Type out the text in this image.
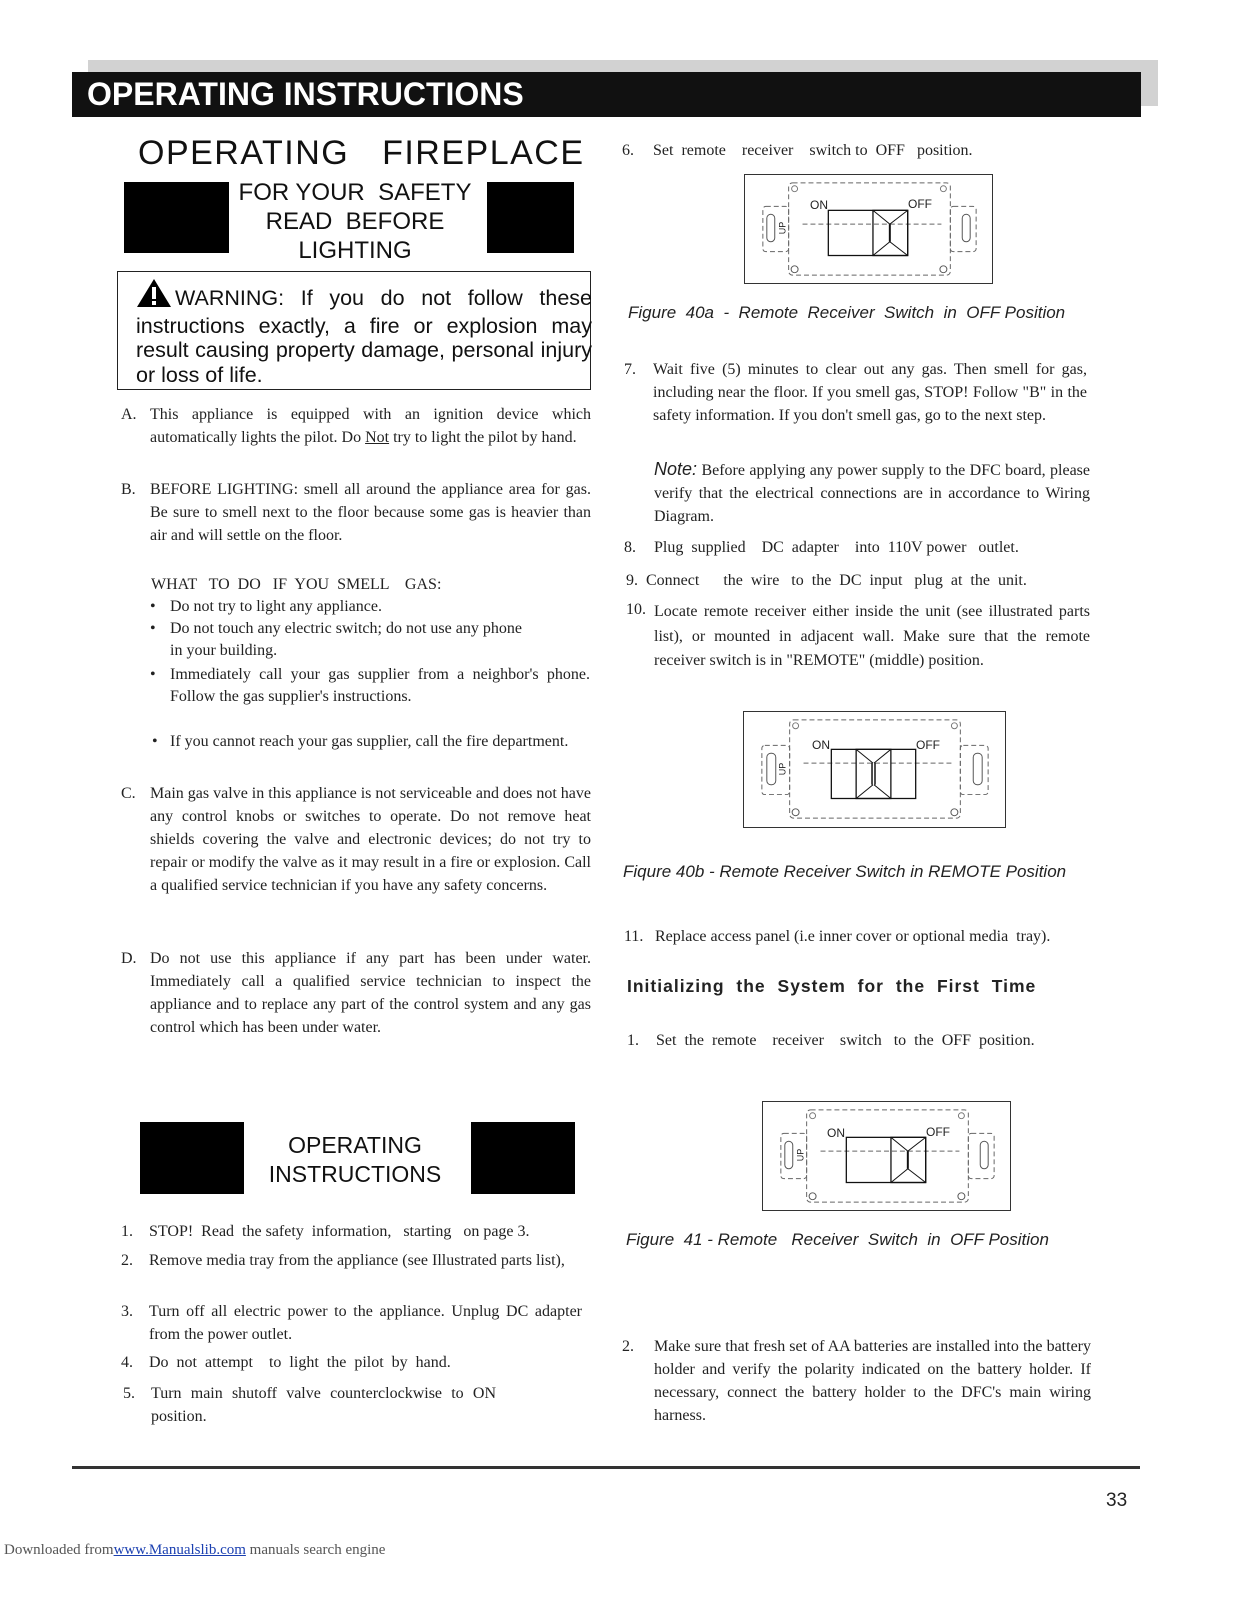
OPERATING INSTRUCTIONS
OPERATING   FIREPLACE
FOR YOUR  SAFETY
READ  BEFORE
LIGHTING
WARNING: If you do not follow these instructions exactly, a fire or explosion may result causing property damage, personal injury or loss of life.
A. This appliance is equipped with an ignition device which automatically lights the pilot. Do Not try to light the pilot by hand.
B. BEFORE LIGHTING: smell all around the appliance area for gas. Be sure to smell next to the floor because some gas is heavier than air and will settle on the floor.
WHAT   TO  DO   IF  YOU  SMELL    GAS:
• Do not try to light any appliance.
• Do not touch any electric switch; do not use any phone in your building.
• Immediately call your gas supplier from a neighbor's phone. Follow the gas supplier's instructions.
• If you cannot reach your gas supplier, call the fire department.
C. Main gas valve in this appliance is not serviceable and does not have any control knobs or switches to operate. Do not remove heat shields covering the valve and electronic devices; do not try to repair or modify the valve as it may result in a fire or explosion. Call a qualified service technician if you have any safety concerns.
D. Do not use this appliance if any part has been under water. Immediately call a qualified service technician to inspect the appliance and to replace any part of the control system and any gas control which has been under water.
OPERATING
INSTRUCTIONS
1. STOP!  Read  the safety  information,   starting   on page 3.
2. Remove media tray from the appliance (see Illustrated parts list),
3. Turn off all electric power to the appliance. Unplug DC adapter from the power outlet.
4. Do  not  attempt    to  light  the  pilot  by  hand.
5. Turn main shutoff valve counterclockwise to ON position.
6. Set  remote    receiver    switch to  OFF   position.
ON	OFF
UP
Figure  40a  -  Remote  Receiver  Switch  in  OFF Position
7. Wait five (5) minutes to clear out any gas. Then smell for gas, including near the floor. If you smell gas, STOP! Follow "B" in the safety information. If you don't smell gas, go to the next step.
Note: Before applying any power supply to the DFC board, please verify that the electrical connections are in accordance to Wiring Diagram.
8. Plug  supplied    DC  adapter    into  110V power   outlet.
9. Connect      the  wire   to  the  DC  input   plug  at  the  unit.
10. Locate remote receiver either inside the unit (see illustrated parts list), or mounted in adjacent wall. Make sure that the remote receiver switch is in "REMOTE" (middle) position.
ON	OFF
UP
Fiqure 40b - Remote Receiver Switch in REMOTE Position
11. Replace access panel (i.e inner cover or optional media  tray).
Initializing the System for the First Time
1. Set  the  remote    receiver    switch   to  the  OFF  position.
ON	OFF
UP
Figure  41 - Remote   Receiver  Switch  in  OFF Position
2. Make sure that fresh set of AA batteries are installed into the battery holder and verify the polarity indicated on the battery holder. If necessary, connect the battery holder to the DFC's main wiring harness.
33
Downloaded fromwww.Manualslib.com manuals search engine
